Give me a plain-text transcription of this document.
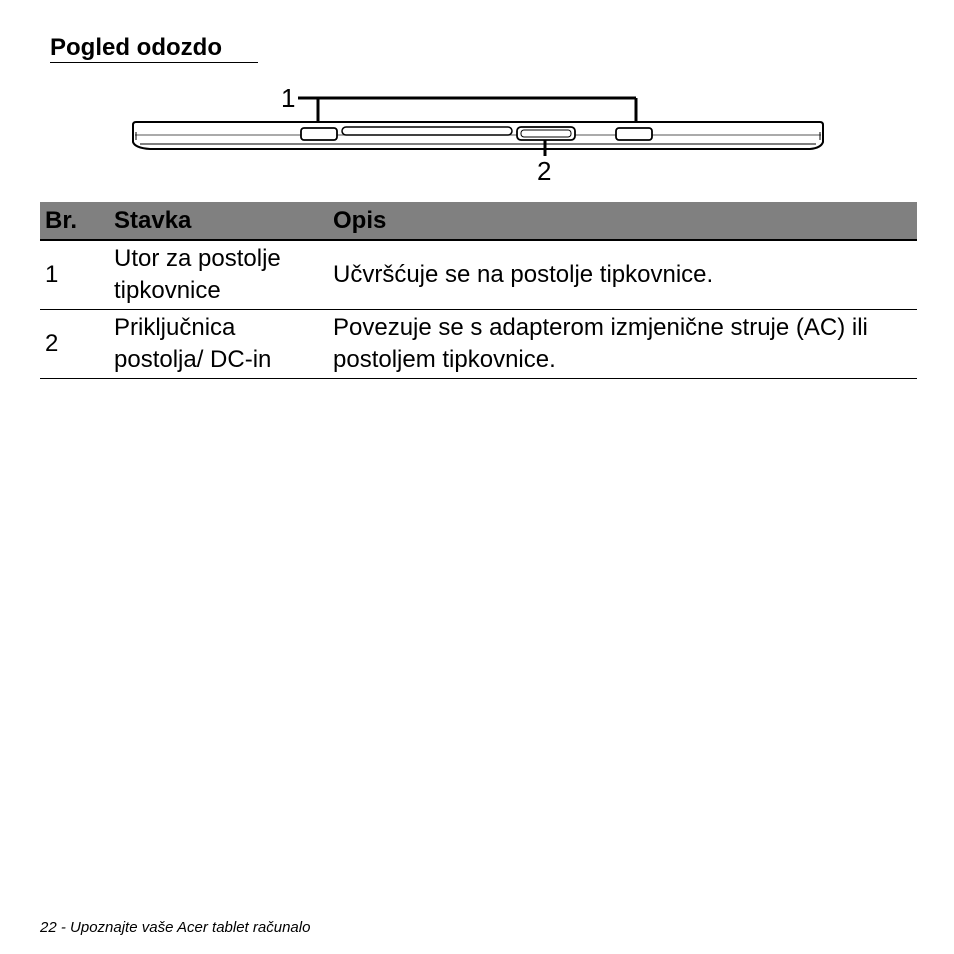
Pogled odozdo
1
2
Br.	Stavka	Opis
1	Utor za postolje tipkovnice	Učvršćuje se na postolje tipkovnice.
2	Priključnica postolja/ DC-in	Povezuje se s adapterom izmjenične struje (AC) ili postoljem tipkovnice.
22 - Upoznajte vaše Acer tablet računalo
